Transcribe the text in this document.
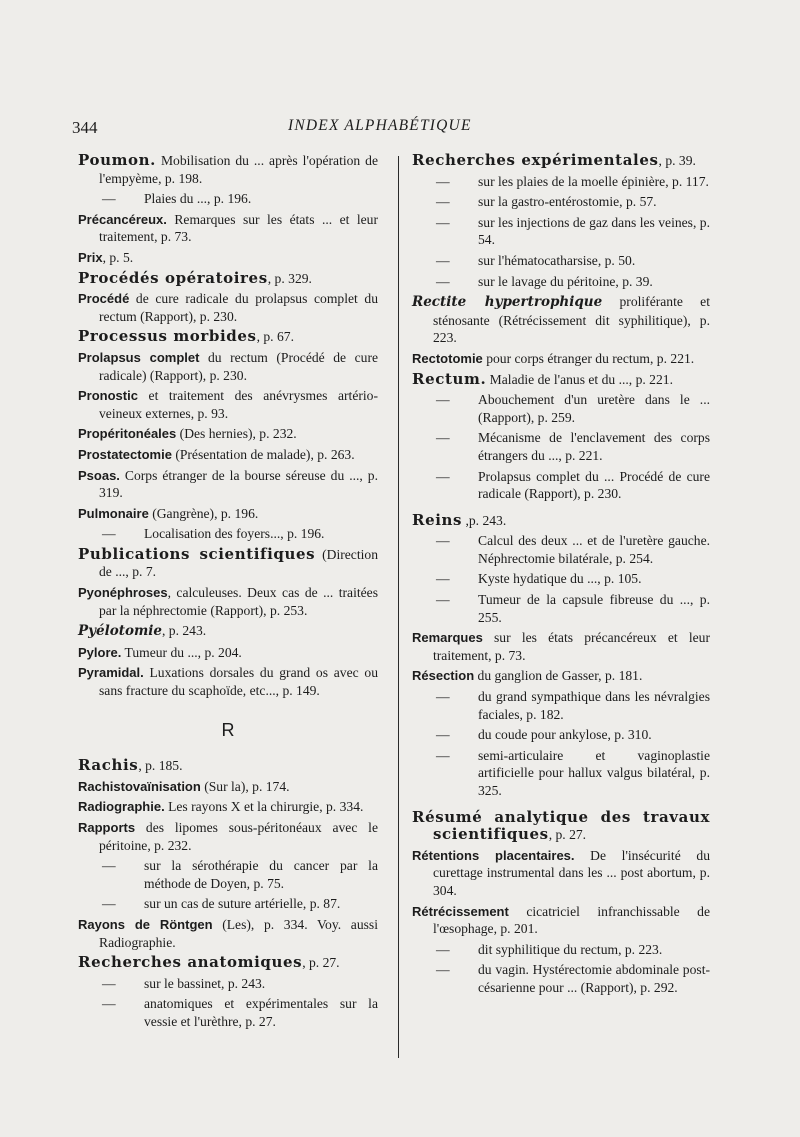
344	INDEX ALPHABÉTIQUE

Poumon. Mobilisation du ... après l'opération de l'empyème, p. 198.

— Plaies du ..., p. 196.

Précancéreux. Remarques sur les états ... et leur traitement, p. 73.

Prix, p. 5.

Procédés opératoires, p. 329.

Procédé de cure radicale du prolapsus complet du rectum (Rapport), p. 230.

Processus morbides, p. 67.

Prolapsus complet du rectum (Procédé de cure radicale) (Rapport), p. 230.

Pronostic et traitement des anévrysmes artério-veineux externes, p. 93.

Propéritonéales (Des hernies), p. 232.

Prostatectomie (Présentation de malade), p. 263.

Psoas. Corps étranger de la bourse séreuse du ..., p. 319.

Pulmonaire (Gangrène), p. 196.

— Localisation des foyers..., p. 196.

Publications scientifiques (Direction de ..., p. 7.

Pyonéphroses, calculeuses. Deux cas de ... traitées par la néphrectomie (Rapport), p. 253.

Pyélotomie, p. 243.

Pylore. Tumeur du ..., p. 204.

Pyramidal. Luxations dorsales du grand os avec ou sans fracture du scaphoïde, etc..., p. 149.

R

Rachis, p. 185.

Rachistovaïnisation (Sur la), p. 174.

Radiographie. Les rayons X et la chirurgie, p. 334.

Rapports des lipomes sous-péritonéaux avec le péritoine, p. 232.

— sur la sérothérapie du cancer par la méthode de Doyen, p. 75.

— sur un cas de suture artérielle, p. 87.

Rayons de Röntgen (Les), p. 334. Voy. aussi Radiographie.

Recherches anatomiques, p. 27.

— sur le bassinet, p. 243.

— anatomiques et expérimentales sur la vessie et l'urèthre, p. 27.

Recherches expérimentales, p. 39.

— sur les plaies de la moelle épinière, p. 117.

— sur la gastro-entérostomie, p. 57.

— sur les injections de gaz dans les veines, p. 54.

— sur l'hématocatharsise, p. 50.

— sur le lavage du péritoine, p. 39.

Rectite hypertrophique proliférante et sténosante (Rétrécissement dit syphilitique), p. 223.

Rectotomie pour corps étranger du rectum, p. 221.

Rectum. Maladie de l'anus et du ..., p. 221.

— Abouchement d'un uretère dans le ... (Rapport), p. 259.

— Mécanisme de l'enclavement des corps étrangers du ..., p. 221.

— Prolapsus complet du ... Procédé de cure radicale (Rapport), p. 230.

Reins ,p. 243.

— Calcul des deux ... et de l'uretère gauche. Néphrectomie bilatérale, p. 254.

— Kyste hydatique du ..., p. 105.

— Tumeur de la capsule fibreuse du ..., p. 255.

Remarques sur les états précancéreux et leur traitement, p. 73.

Résection du ganglion de Gasser, p. 181.

— du grand sympathique dans les névralgies faciales, p. 182.

— du coude pour ankylose, p. 310.

— semi-articulaire et vaginoplastie artificielle pour hallux valgus bilatéral, p. 325.

Résumé analytique des travaux scientifiques, p. 27.

Rétentions placentaires. De l'insécurité du curettage instrumental dans les ... post abortum, p. 304.

Rétrécissement cicatriciel infranchissable de l'œsophage, p. 201.

— dit syphilitique du rectum, p. 223.

— du vagin. Hystérectomie abdominale post-césarienne pour ... (Rapport), p. 292.
